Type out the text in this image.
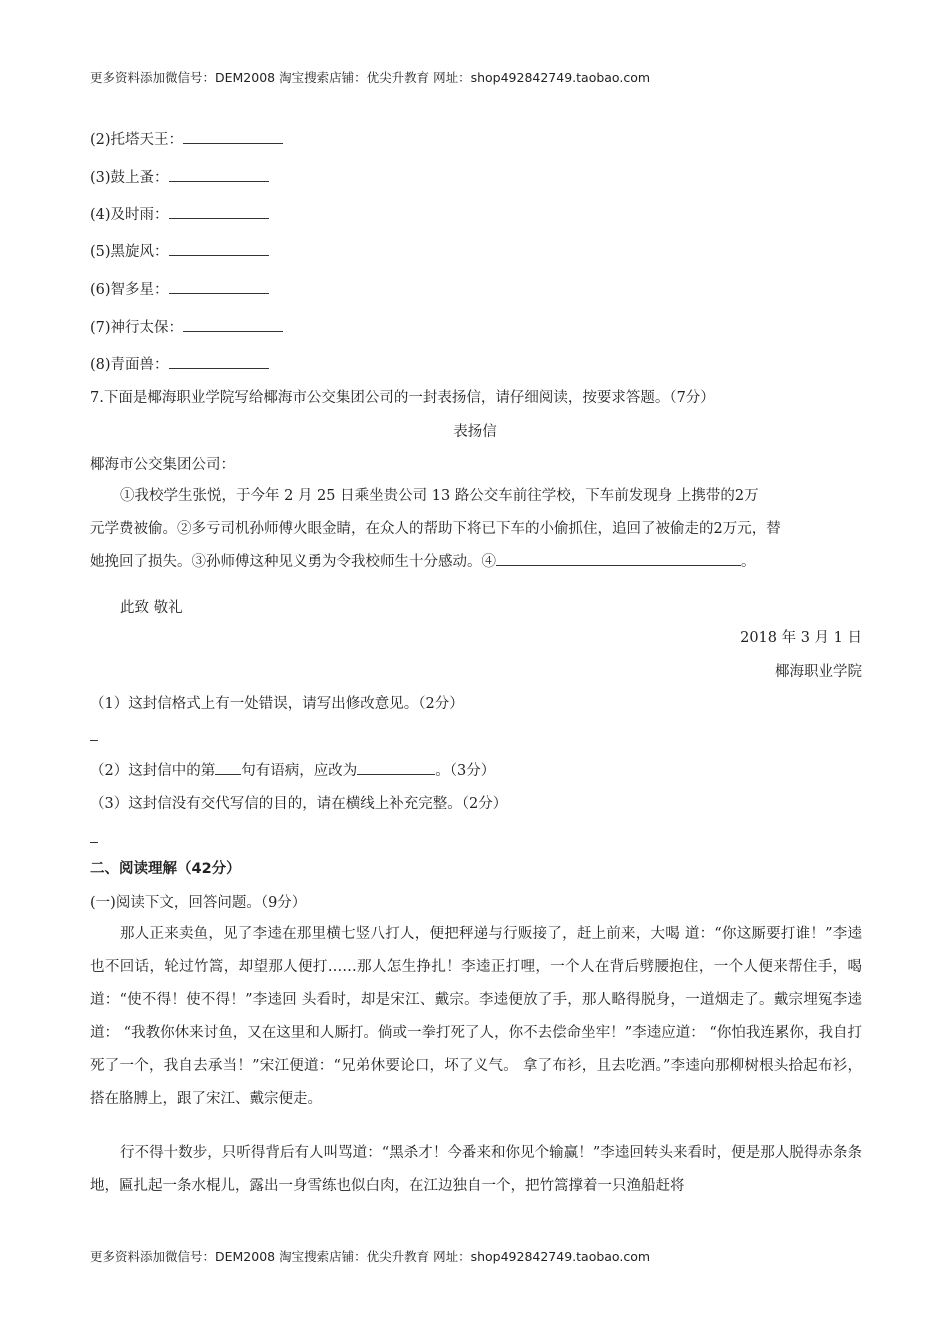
更多资料添加微信号：DEM2008 淘宝搜索店铺：优尖升教育 网址：shop492842749.taobao.com
(2)托塔天王：
(3)鼓上蚤：
(4)及时雨：
(5)黑旋风：
(6)智多星：
(7)神行太保：
(8)青面兽：
7.下面是椰海职业学院写给椰海市公交集团公司的一封表扬信，请仔细阅读，按要求答题。（7分）
表扬信
椰海市公交集团公司：
①我校学生张悦，于今年 2 月 25 日乘坐贵公司 13 路公交车前往学校，下车前发现身 上携带的2万
元学费被偷。②多亏司机孙师傅火眼金睛，在众人的帮助下将已下车的小偷抓住，追回了被偷走的2万元，替
她挽回了损失。③孙师傅这种见义勇为令我校师生十分感动。④	。
此致 敬礼
2018 年 3 月 1 日
椰海职业学院
（1）这封信格式上有一处错误，请写出修改意见。（2分）
（2）这封信中的第 句有语病，应改为	。（3分）
（3）这封信没有交代写信的目的，请在横线上补充完整。（2分）
二、阅读理解（42分）
(一)阅读下文，回答问题。（9分）
那人正来卖鱼，见了李逵在那里横七竖八打人，便把秤递与行贩接了，赶上前来，大喝 道：“你这厮要打谁！”李逵也不回话，轮过竹篙，却望那人便打……那人怎生挣扎！李逵正打哩，一个人在背后劈腰抱住，一个人便来帮住手，喝道：“使不得！使不得！”李逵回 头看时，却是宋江、戴宗。李逵便放了手，那人略得脱身，一道烟走了。戴宗埋冤李逵道： “我教你休来讨鱼，又在这里和人厮打。倘或一拳打死了人，你不去偿命坐牢！”李逵应道： “你怕我连累你，我自打死了一个，我自去承当！”宋江便道：“兄弟休要论口，坏了义气。 拿了布衫，且去吃酒。”李逵向那柳树根头拾起布衫，搭在胳膊上，跟了宋江、戴宗便走。
行不得十数步，只听得背后有人叫骂道：“黑杀才！今番来和你见个输赢！”李逵回转头来看时，便是那人脱得赤条条地，匾扎起一条水棍儿，露出一身雪练也似白肉，在江边独自一个，把竹篙撑着一只渔船赶将
更多资料添加微信号：DEM2008 淘宝搜索店铺：优尖升教育 网址：shop492842749.taobao.com
